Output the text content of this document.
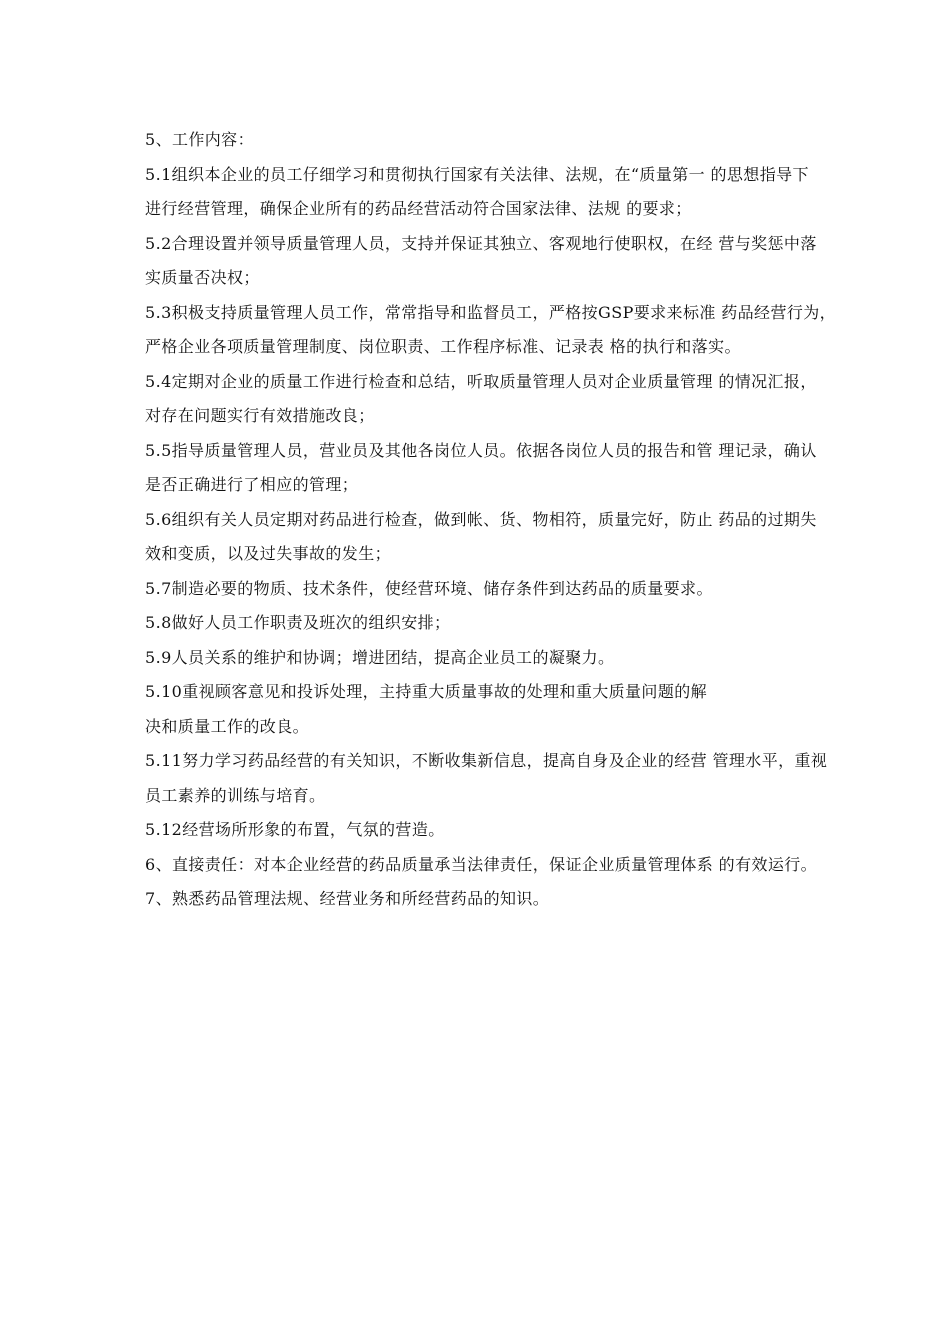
5、工作内容：
5.1组织本企业的员工仔细学习和贯彻执行国家有关法律、法规，在“质量第一 的思想指导下
进行经营管理，确保企业所有的药品经营活动符合国家法律、法规 的要求；
5.2合理设置并领导质量管理人员，支持并保证其独立、客观地行使职权，在经 营与奖惩中落
实质量否决权；
5.3积极支持质量管理人员工作，常常指导和监督员工，严格按GSP要求来标准 药品经营行为，
严格企业各项质量管理制度、岗位职责、工作程序标准、记录表 格的执行和落实。
5.4定期对企业的质量工作进行检查和总结，听取质量管理人员对企业质量管理 的情况汇报，
对存在问题实行有效措施改良；
5.5指导质量管理人员，营业员及其他各岗位人员。依据各岗位人员的报告和管 理记录，确认
是否正确进行了相应的管理；
5.6组织有关人员定期对药品进行检查，做到帐、货、物相符，质量完好，防止 药品的过期失
效和变质，以及过失事故的发生；
5.7制造必要的物质、技术条件，使经营环境、储存条件到达药品的质量要求。
5.8做好人员工作职责及班次的组织安排；
5.9人员关系的维护和协调；增进团结，提高企业员工的凝聚力。
5.10重视顾客意见和投诉处理，主持重大质量事故的处理和重大质量问题的解
决和质量工作的改良。
5.11努力学习药品经营的有关知识，不断收集新信息，提高自身及企业的经营 管理水平，重视
员工素养的训练与培育。
5.12经营场所形象的布置，气氛的营造。
6、直接责任：对本企业经营的药品质量承当法律责任，保证企业质量管理体系 的有效运行。
7、熟悉药品管理法规、经营业务和所经营药品的知识。
